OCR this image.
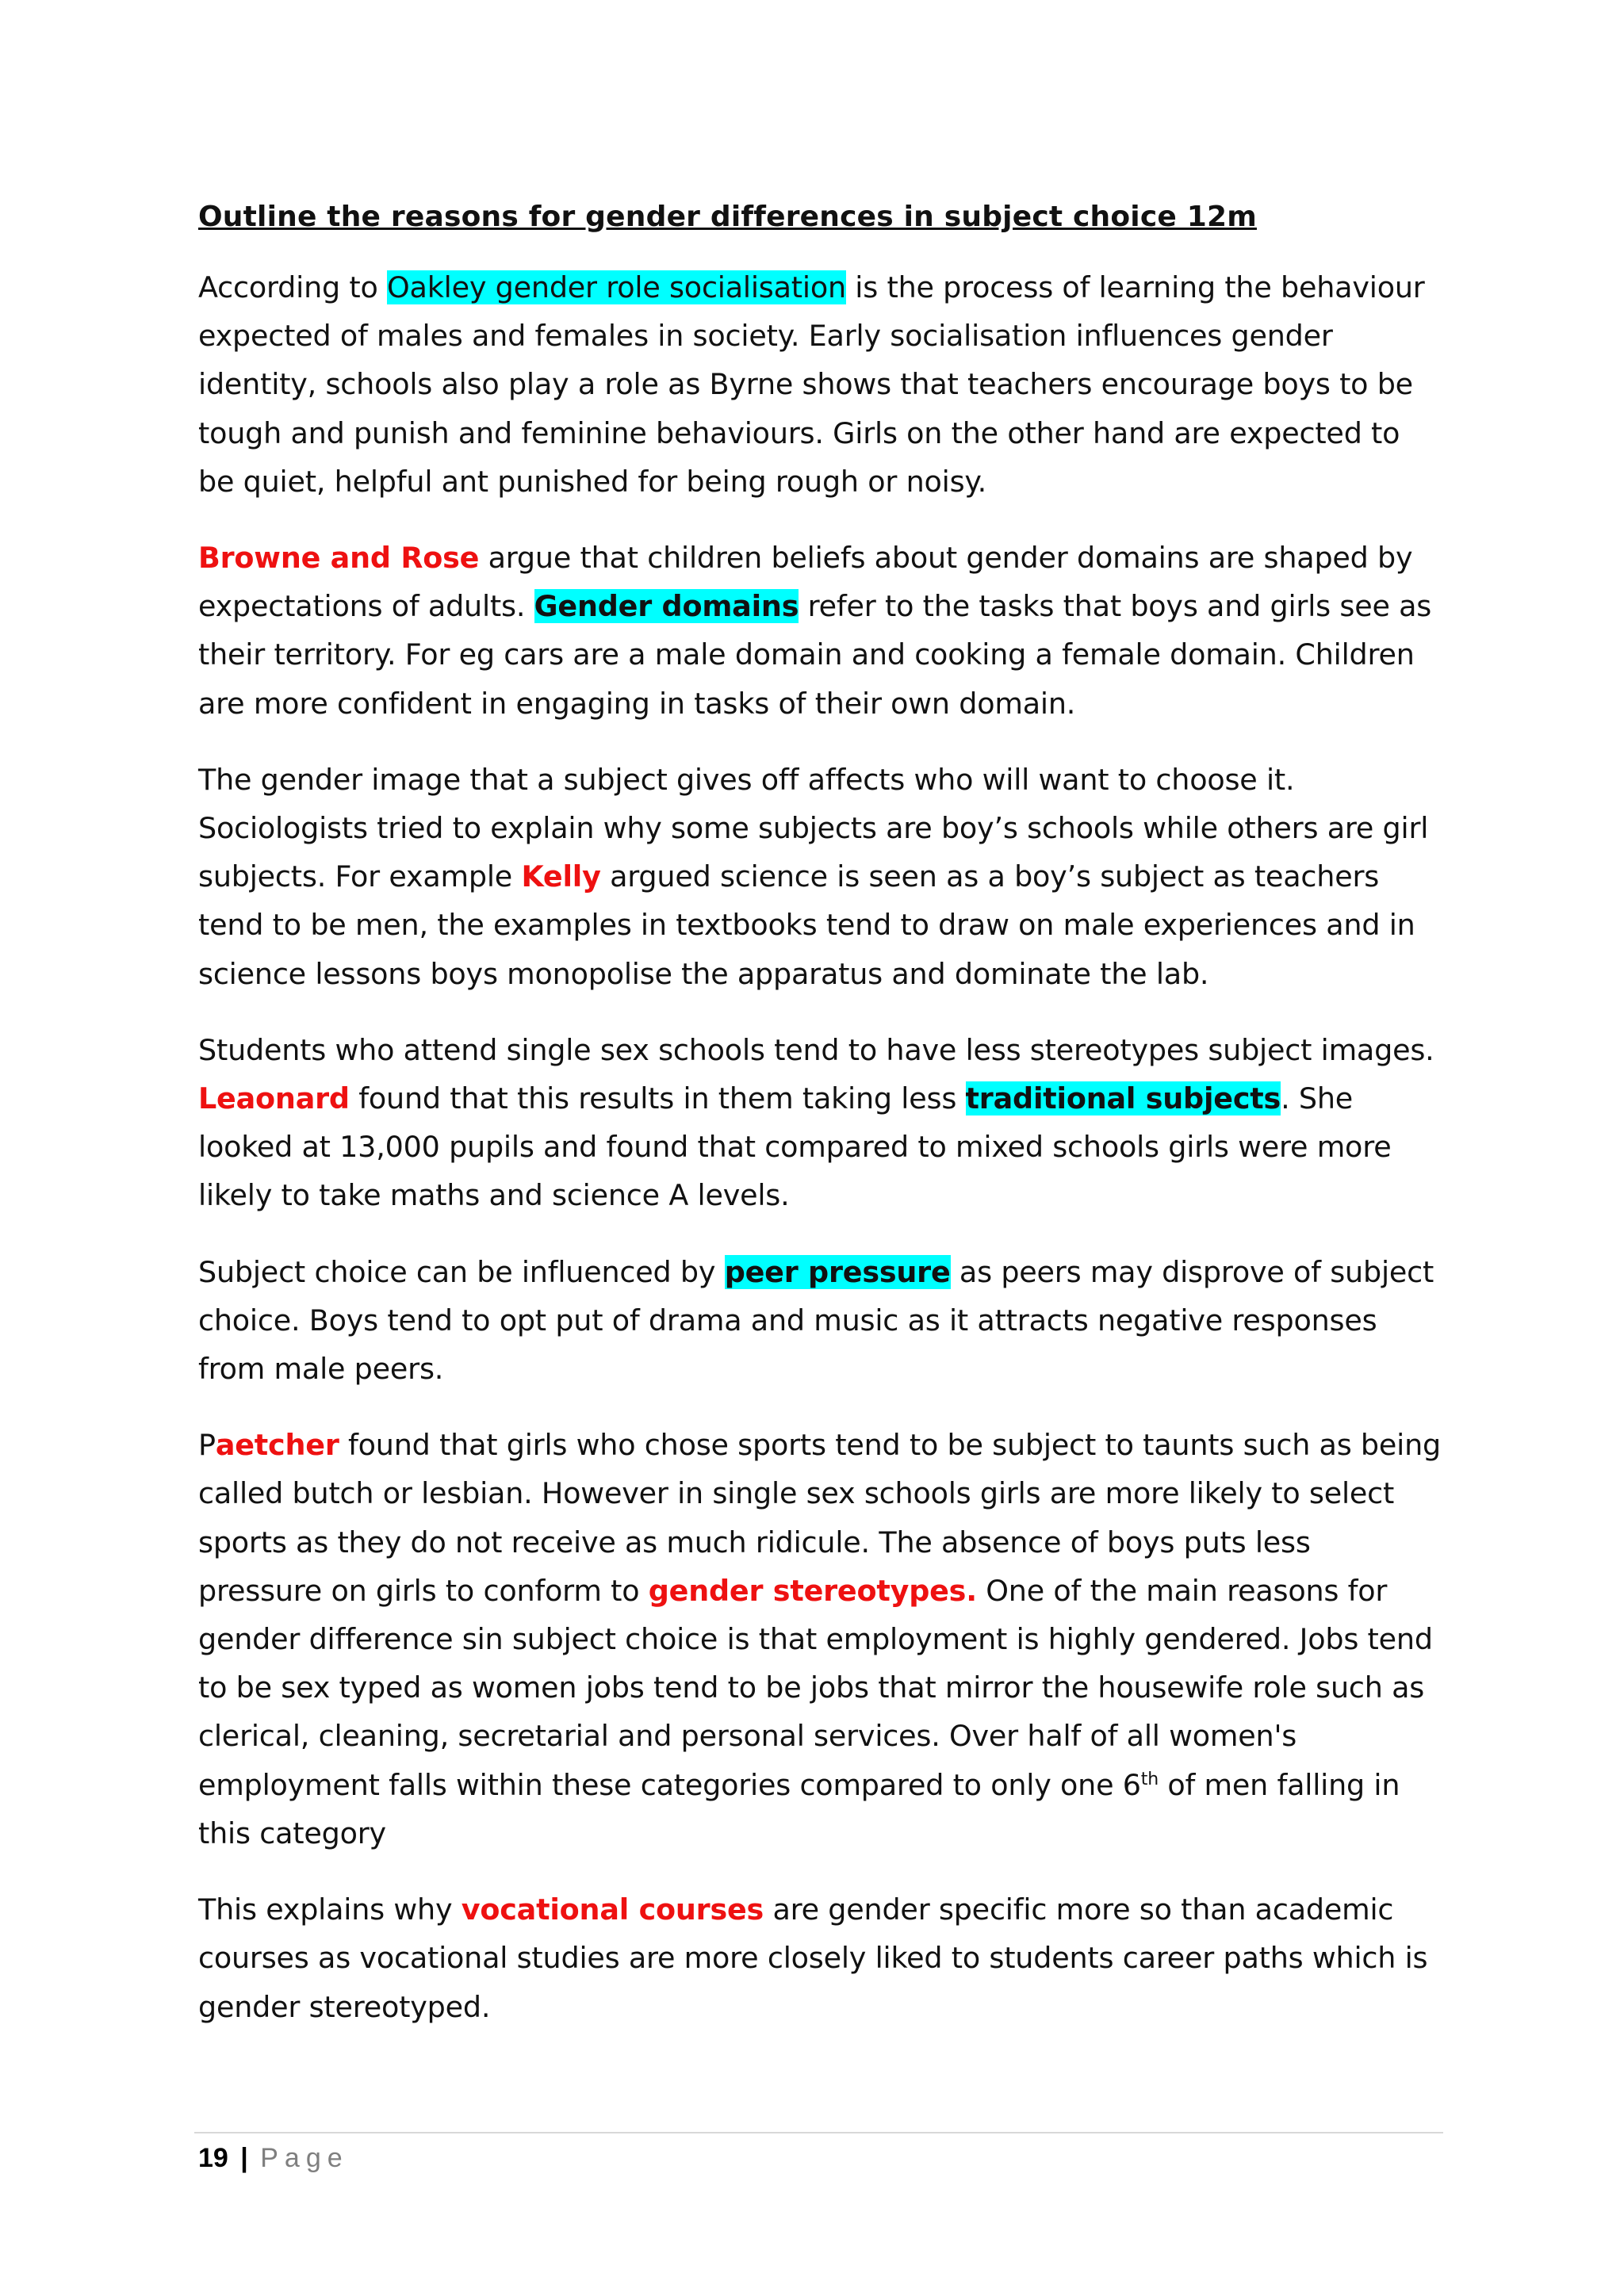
Outline the reasons for gender differences in subject choice 12m

According to Oakley gender role socialisation is the process of learning the behaviour expected of males and females in society. Early socialisation influences gender identity, schools also play a role as Byrne shows that teachers encourage boys to be tough and punish and feminine behaviours. Girls on the other hand are expected to be quiet, helpful ant punished for being rough or noisy.

Browne and Rose argue that children beliefs about gender domains are shaped by expectations of adults. Gender domains refer to the tasks that boys and girls see as their territory. For eg cars are a male domain and cooking a female domain. Children are more confident in engaging in tasks of their own domain.

The gender image that a subject gives off affects who will want to choose it. Sociologists tried to explain why some subjects are boy’s schools while others are girl subjects. For example Kelly argued science is seen as a boy’s subject as teachers tend to be men, the examples in textbooks tend to draw on male experiences and in science lessons boys monopolise the apparatus and dominate the lab.

Students who attend single sex schools tend to have less stereotypes subject images. Leaonard found that this results in them taking less traditional subjects. She looked at 13,000 pupils and found that compared to mixed schools girls were more likely to take maths and science A levels.

Subject choice can be influenced by peer pressure as peers may disprove of subject choice. Boys tend to opt put of drama and music as it attracts negative responses from male peers.

Paetcher found that girls who chose sports tend to be subject to taunts such as being called butch or lesbian. However in single sex schools girls are more likely to select sports as they do not receive as much ridicule. The absence of boys puts less pressure on girls to conform to gender stereotypes. One of the main reasons for gender difference sin subject choice is that employment is highly gendered. Jobs tend to be sex typed as women jobs tend to be jobs that mirror the housewife role such as clerical, cleaning, secretarial and personal services. Over half of all women's employment falls within these categories compared to only one 6th of men falling in this category

This explains why vocational courses are gender specific more so than academic courses as vocational studies are more closely liked to students career paths which is gender stereotyped.

19 | Page
